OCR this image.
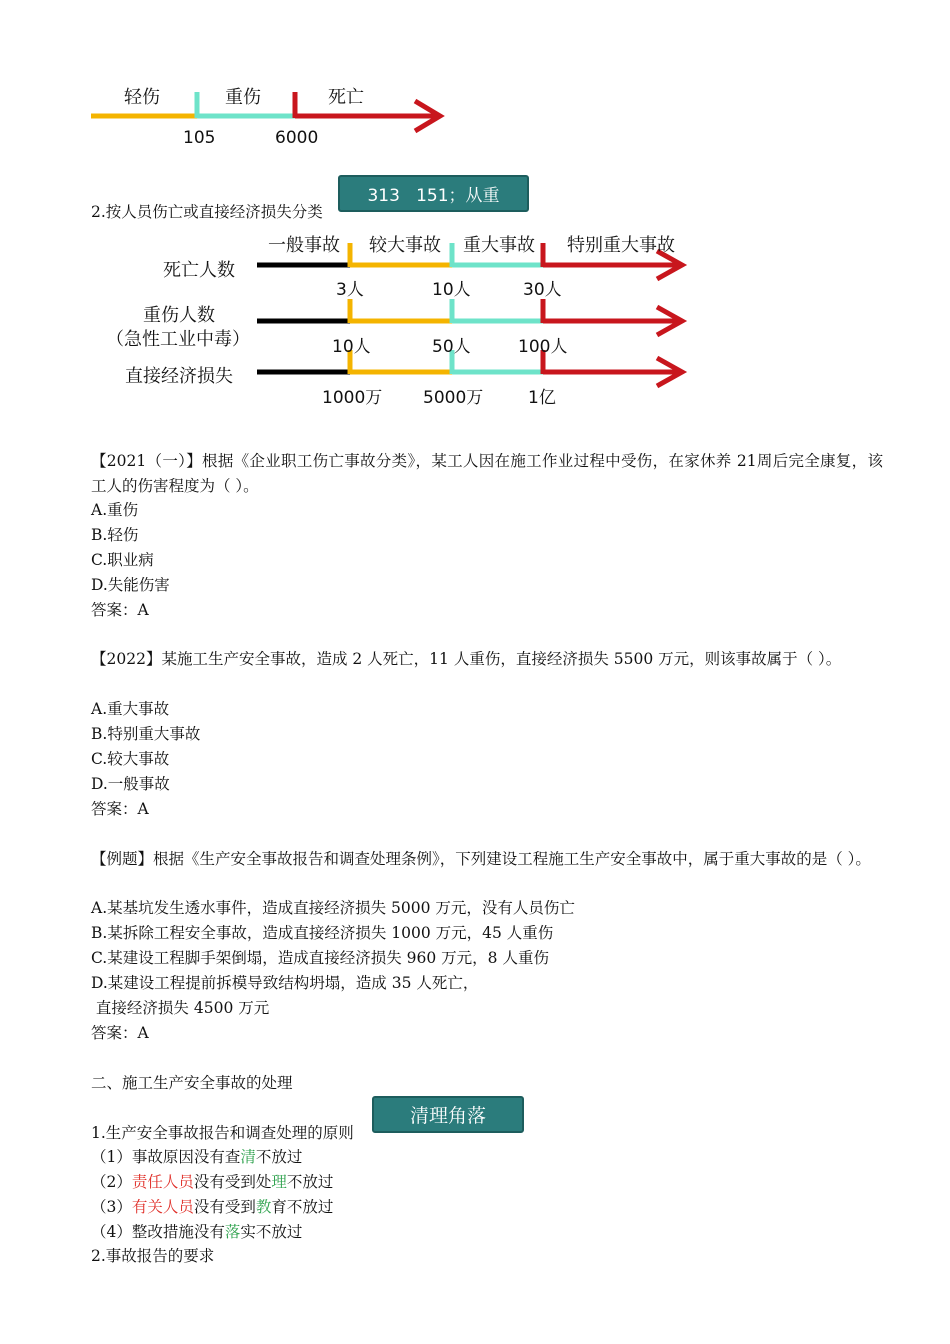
轻伤	重伤	死亡
105	6000
313   151；从重
2.按人员伤亡或直接经济损失分类
一般事故 较大事故 重大事故 特别重大事故
死亡人数
3人	10人	30人
重伤人数
（急性工业中毒）	10人	50人	100人
直接经济损失
1000万 5000万	1亿
【2021（一）】根据《企业职工伤亡事故分类》，某工人因在施工作业过程中受伤，在家休养 21周后完全康复，该工人的伤害程度为（ ）。
A.重伤
B.轻伤
C.职业病
D.失能伤害
答案：A
【2022】某施工生产安全事故，造成 2 人死亡，11 人重伤，直接经济损失 5500 万元，则该事故属于（ ）。
A.重大事故
B.特别重大事故
C.较大事故
D.一般事故
答案：A
【例题】根据《生产安全事故报告和调查处理条例》，下列建设工程施工生产安全事故中，属于重大事故的是（ ）。
A.某基坑发生透水事件，造成直接经济损失 5000 万元，没有人员伤亡
B.某拆除工程安全事故，造成直接经济损失 1000 万元，45 人重伤
C.某建设工程脚手架倒塌，造成直接经济损失 960 万元，8 人重伤
D.某建设工程提前拆模导致结构坍塌，造成 35 人死亡，
直接经济损失 4500 万元
答案：A
二、施工生产安全事故的处理
清理角落
1.生产安全事故报告和调查处理的原则
（1）事故原因没有查清不放过
（2）责任人员没有受到处理不放过
（3）有关人员没有受到教育不放过
（4）整改措施没有落实不放过
2.事故报告的要求
